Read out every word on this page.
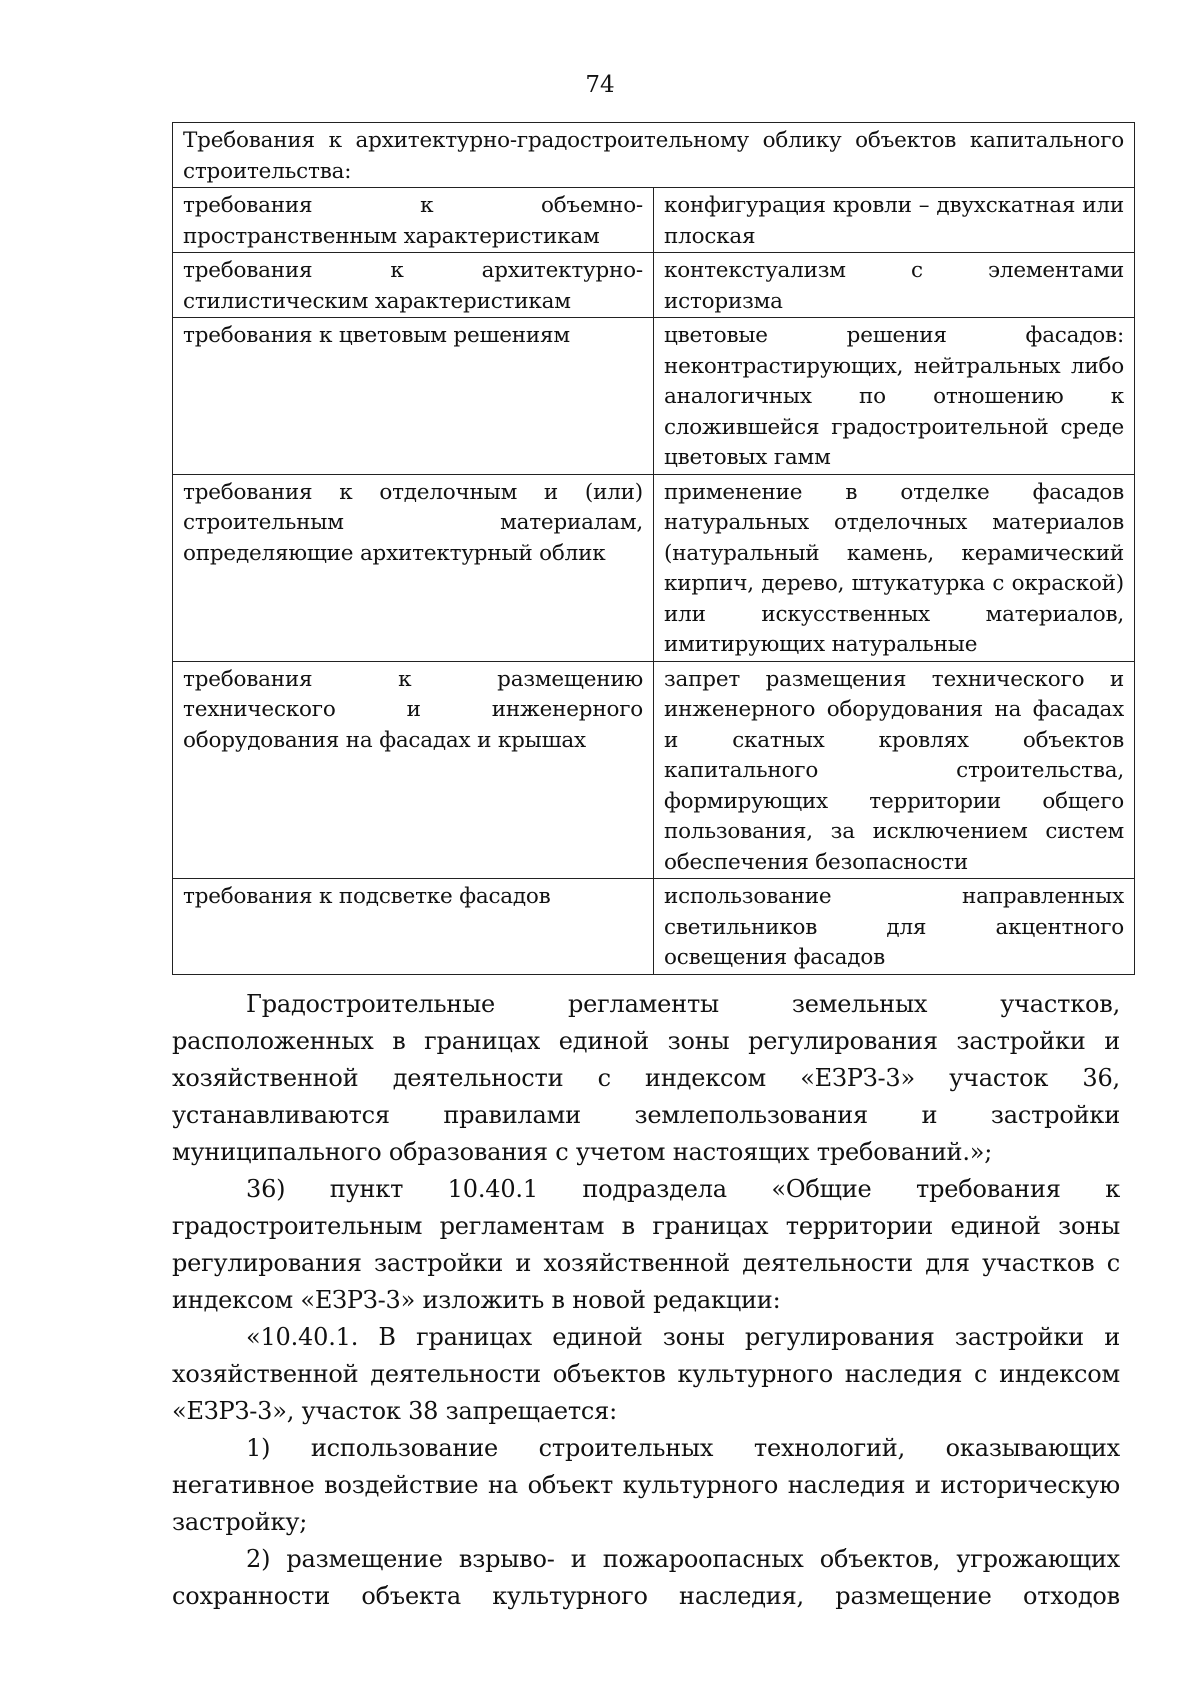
74
Требования к архитектурно-градостроительному облику объектов капитального строительства:	
требования к объемно-пространственным характеристикам	конфигурация кровли – двухскатная или плоская
требования к архитектурно-стилистическим характеристикам	контекстуализм с элементами историзма
требования к цветовым решениям	цветовые решения фасадов: неконтрастирующих, нейтральных либо аналогичных по отношению к сложившейся градостроительной среде цветовых гамм
требования к отделочным и (или) строительным материалам, определяющие архитектурный облик	применение в отделке фасадов натуральных отделочных материалов (натуральный камень, керамический кирпич, дерево, штукатурка с окраской) или искусственных материалов, имитирующих натуральные
требования к размещению технического и инженерного оборудования на фасадах и крышах	запрет размещения технического и инженерного оборудования на фасадах и скатных кровлях объектов капитального строительства, формирующих территории общего пользования, за исключением систем обеспечения безопасности
требования к подсветке фасадов	использование направленных светильников для акцентного освещения фасадов

Градостроительные регламенты земельных участков, расположенных в границах единой зоны регулирования застройки и хозяйственной деятельности с индексом «ЕЗРЗ-3» участок 36, устанавливаются правилами землепользования и застройки муниципального образования с учетом настоящих требований.»;

36) пункт 10.40.1 подраздела «Общие требования к градостроительным регламентам в границах территории единой зоны регулирования застройки и хозяйственной деятельности для участков с индексом «ЕЗРЗ-3» изложить в новой редакции:

«10.40.1. В границах единой зоны регулирования застройки и хозяйственной деятельности объектов культурного наследия с индексом «ЕЗРЗ-3», участок 38 запрещается:

1) использование строительных технологий, оказывающих негативное воздействие на объект культурного наследия и историческую застройку;

2) размещение взрыво- и пожароопасных объектов, угрожающих сохранности объекта культурного наследия, размещение отходов
